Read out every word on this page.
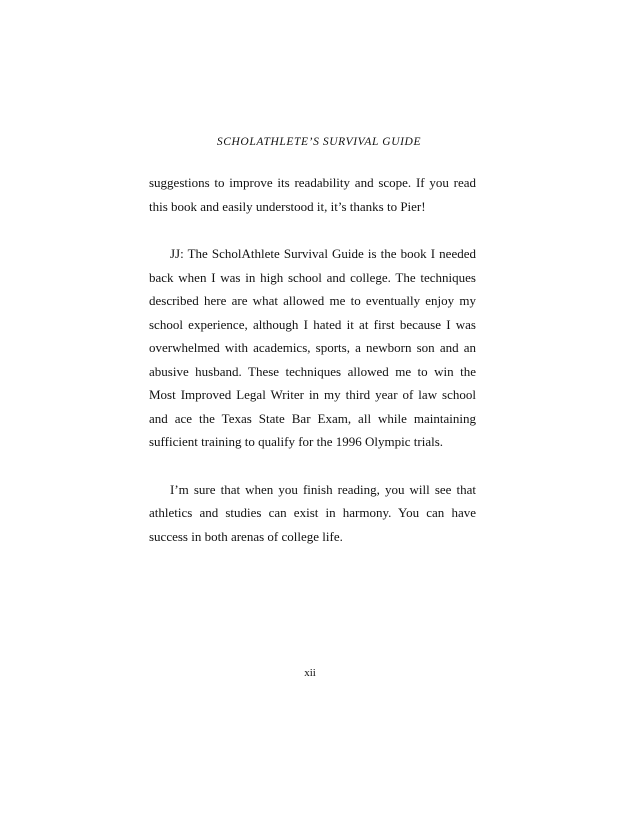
SCHOLATHLETE’S SURVIVAL GUIDE

suggestions to improve its readability and scope. If you read this book and easily understood it, it’s thanks to Pier!

JJ: The ScholAthlete Survival Guide is the book I needed back when I was in high school and college. The techniques described here are what allowed me to eventually enjoy my school experience, although I hated it at first because I was overwhelmed with academics, sports, a newborn son and an abusive husband. These techniques allowed me to win the Most Improved Legal Writer in my third year of law school and ace the Texas State Bar Exam, all while maintaining sufficient training to qualify for the 1996 Olympic trials.

I’m sure that when you finish reading, you will see that athletics and studies can exist in harmony. You can have success in both arenas of college life.

xii
